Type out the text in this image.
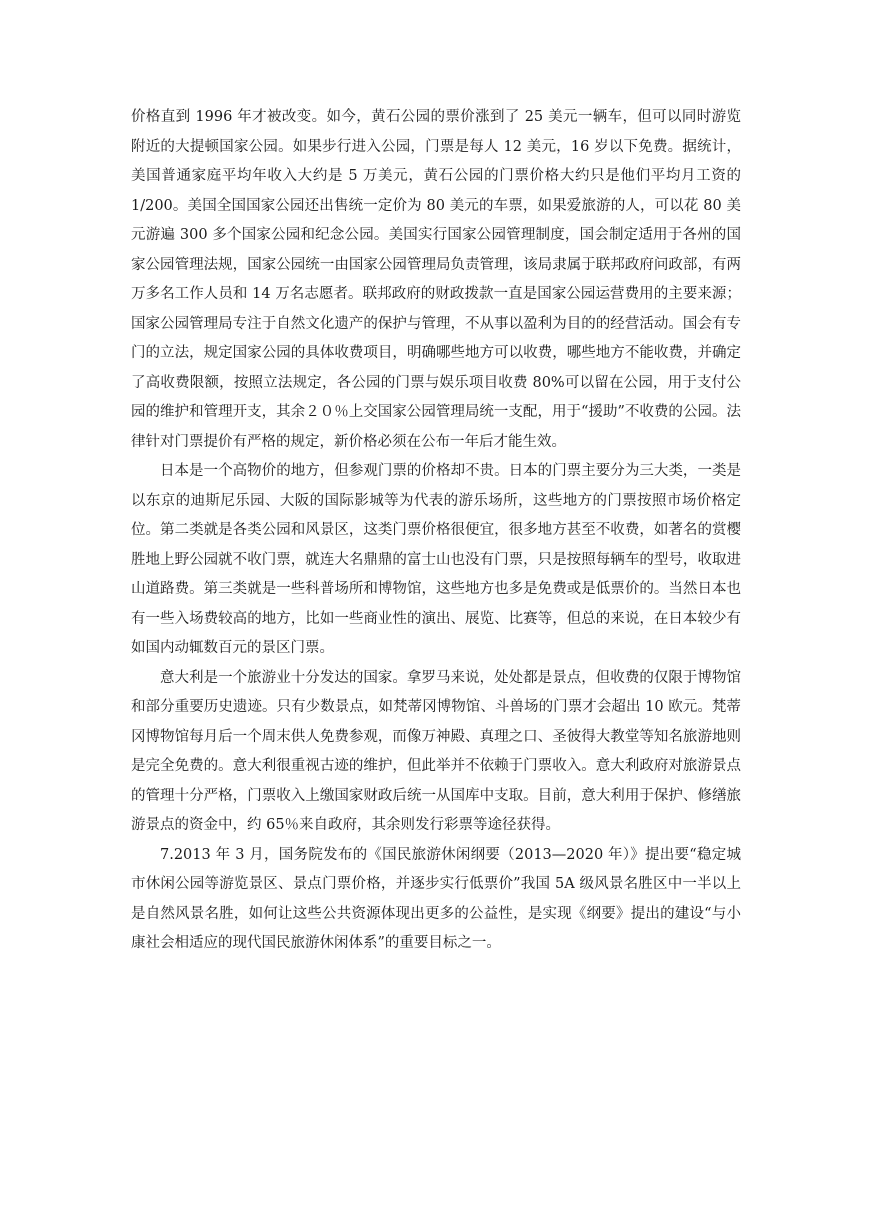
价格直到 1996 年才被改变。如今，黄石公园的票价涨到了 25 美元一辆车，但可以同时游览附近的大提顿国家公园。如果步行进入公园，门票是每人 12 美元，16 岁以下免费。据统计，美国普通家庭平均年收入大约是 5 万美元，黄石公园的门票价格大约只是他们平均月工资的 1/200。美国全国国家公园还出售统一定价为 80 美元的车票，如果爱旅游的人，可以花 80 美元游遍 300 多个国家公园和纪念公园。美国实行国家公园管理制度，国会制定适用于各州的国家公园管理法规，国家公园统一由国家公园管理局负责管理，该局隶属于联邦政府问政部，有两万多名工作人员和 14 万名志愿者。联邦政府的财政拨款一直是国家公园运营费用的主要来源；国家公园管理局专注于自然文化遗产的保护与管理，不从事以盈利为目的的经营活动。国会有专门的立法，规定国家公园的具体收费项目，明确哪些地方可以收费，哪些地方不能收费，并确定了高收费限额，按照立法规定，各公园的门票与娱乐项目收费 80%可以留在公园，用于支付公园的维护和管理开支，其余２０％上交国家公园管理局统一支配，用于“援助”不收费的公园。法律针对门票提价有严格的规定，新价格必须在公布一年后才能生效。

日本是一个高物价的地方，但参观门票的价格却不贵。日本的门票主要分为三大类，一类是以东京的迪斯尼乐园、大阪的国际影城等为代表的游乐场所，这些地方的门票按照市场价格定位。第二类就是各类公园和风景区，这类门票价格很便宜，很多地方甚至不收费，如著名的赏樱胜地上野公园就不收门票，就连大名鼎鼎的富士山也没有门票，只是按照每辆车的型号，收取进山道路费。第三类就是一些科普场所和博物馆，这些地方也多是免费或是低票价的。当然日本也有一些入场费较高的地方，比如一些商业性的演出、展览、比赛等，但总的来说，在日本较少有如国内动辄数百元的景区门票。

意大利是一个旅游业十分发达的国家。拿罗马来说，处处都是景点，但收费的仅限于博物馆和部分重要历史遗迹。只有少数景点，如梵蒂冈博物馆、斗兽场的门票才会超出 10 欧元。梵蒂冈博物馆每月后一个周末供人免费参观，而像万神殿、真理之口、圣彼得大教堂等知名旅游地则是完全免费的。意大利很重视古迹的维护，但此举并不依赖于门票收入。意大利政府对旅游景点的管理十分严格，门票收入上缴国家财政后统一从国库中支取。目前，意大利用于保护、修缮旅游景点的资金中，约 65％来自政府，其余则发行彩票等途径获得。

7.2013 年 3 月，国务院发布的《国民旅游休闲纲要（2013—2020 年）》提出要“稳定城市休闲公园等游览景区、景点门票价格，并逐步实行低票价”我国 5A 级风景名胜区中一半以上是自然风景名胜，如何让这些公共资源体现出更多的公益性，是实现《纲要》提出的建设“与小康社会相适应的现代国民旅游休闲体系”的重要目标之一。
